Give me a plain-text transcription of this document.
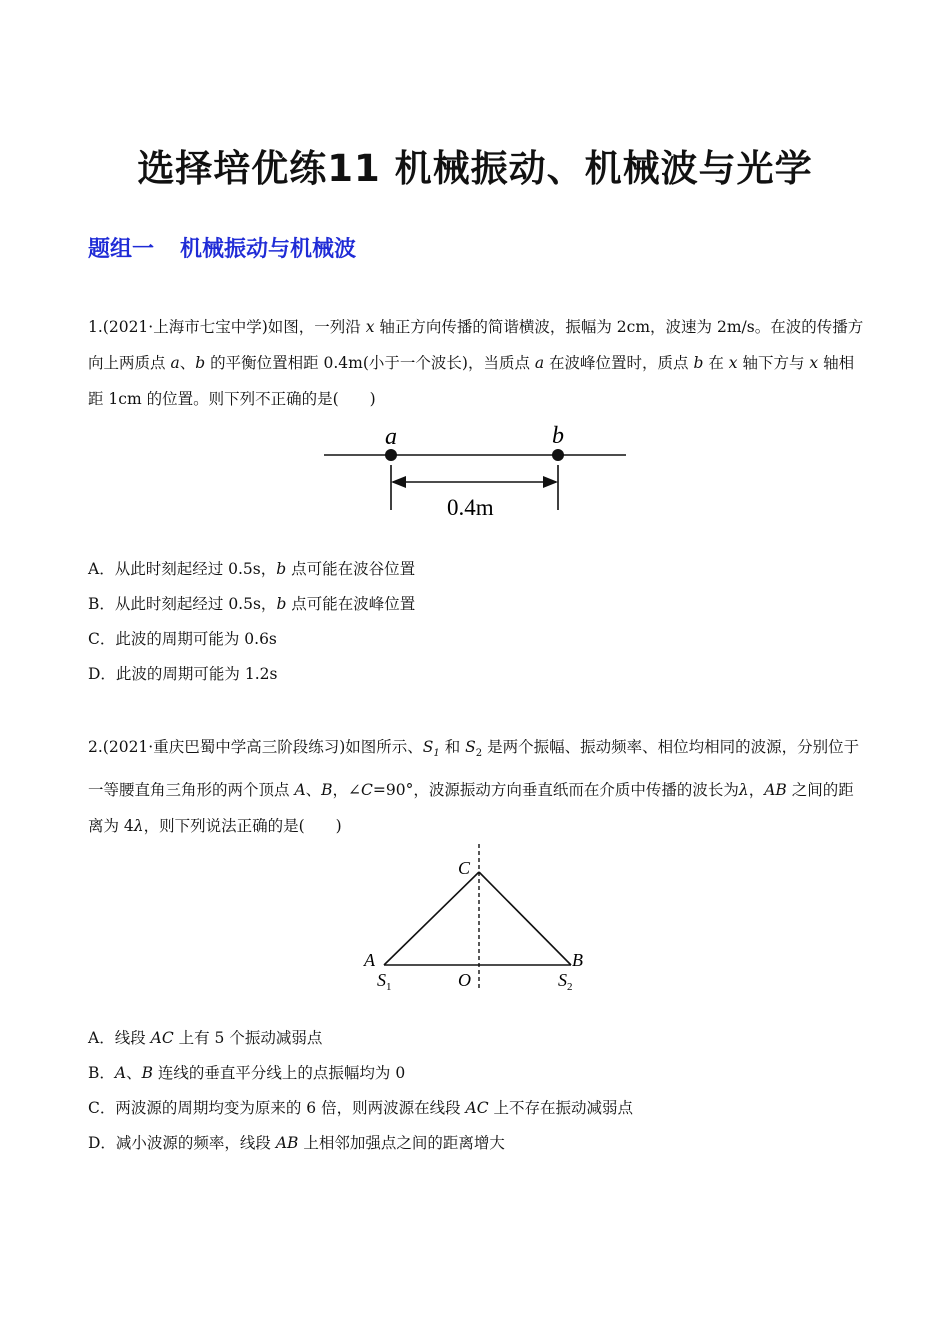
选择培优练11 机械振动、机械波与光学
题组一 机械振动与机械波

1.(2021·上海市七宝中学)如图，一列沿 x 轴正方向传播的简谐横波，振幅为 2cm，波速为 2m/s。在波的传播方向上两质点 a、b 的平衡位置相距 0.4m(小于一个波长)，当质点 a 在波峰位置时，质点 b 在 x 轴下方与 x 轴相距 1cm 的位置。则下列不正确的是(　　)

a	b
0.4m

A．从此时刻起经过 0.5s，b 点可能在波谷位置

B．从此时刻起经过 0.5s，b 点可能在波峰位置

C．此波的周期可能为 0.6s

D．此波的周期可能为 1.2s

2.(2021·重庆巴蜀中学高三阶段练习)如图所示、$S_1$ 和 $S_2$ 是两个振幅、振动频率、相位均相同的波源，分别位于一等腰直角三角形的两个顶点 A、B，∠C=90°，波源振动方向垂直纸而在介质中传播的波长为λ，AB 之间的距离为 4λ，则下列说法正确的是(　　)

C
A	B
$S_1$	O	$S_2$

A．线段 AC 上有 5 个振动减弱点

B．A、B 连线的垂直平分线上的点振幅均为 0

C．两波源的周期均变为原来的 6 倍，则两波源在线段 AC 上不存在振动减弱点

D．减小波源的频率，线段 AB 上相邻加强点之间的距离增大
